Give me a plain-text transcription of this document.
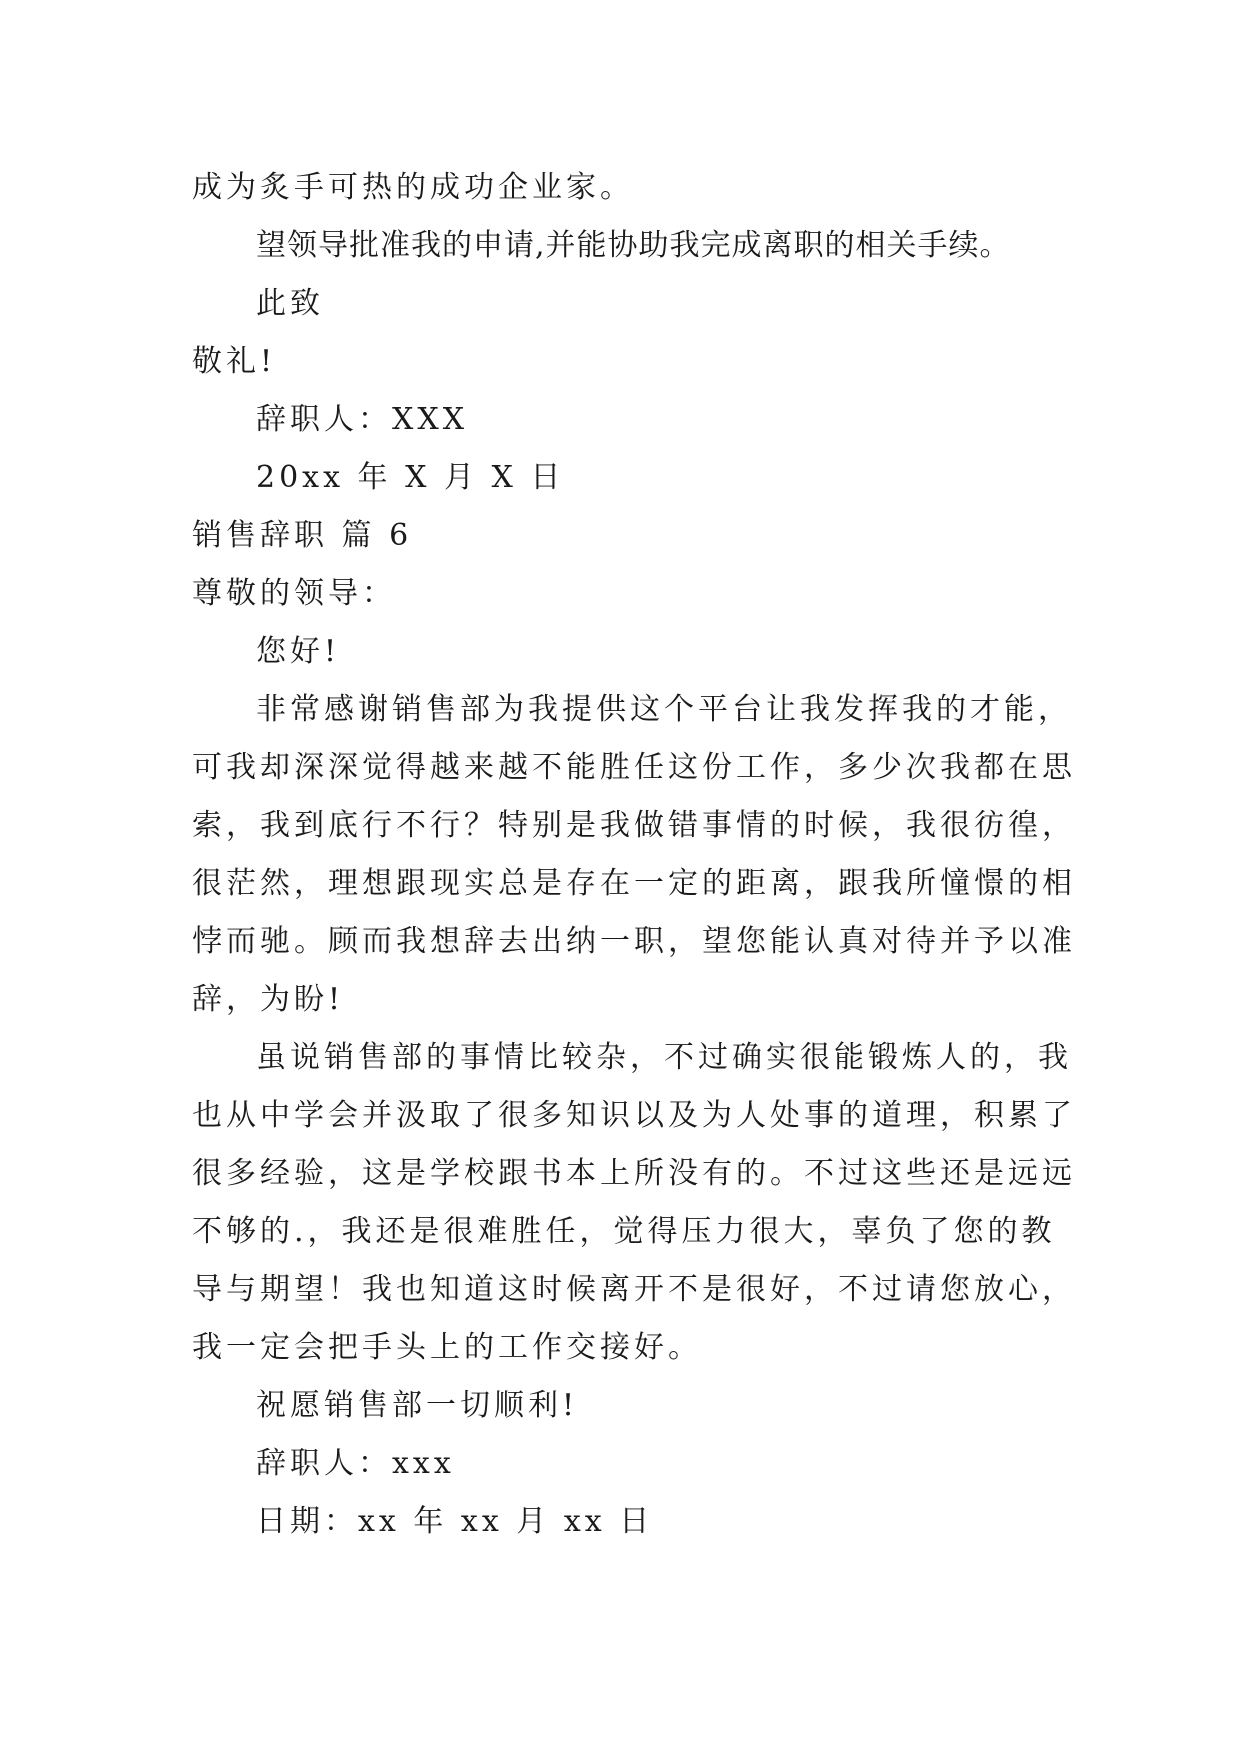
成为炙手可热的成功企业家。
望领导批准我的申请,并能协助我完成离职的相关手续。
此致
敬礼!
辞职人：XXX
20xx 年 X 月 X 日
销售辞职 篇 6
尊敬的领导：
您好!
非常感谢销售部为我提供这个平台让我发挥我的才能，
可我却深深觉得越来越不能胜任这份工作，多少次我都在思
索，我到底行不行？特别是我做错事情的时候，我很彷徨，
很茫然，理想跟现实总是存在一定的距离，跟我所憧憬的相
悖而驰。顾而我想辞去出纳一职，望您能认真对待并予以准
辞，为盼!
虽说销售部的事情比较杂，不过确实很能锻炼人的，我
也从中学会并汲取了很多知识以及为人处事的道理，积累了
很多经验，这是学校跟书本上所没有的。不过这些还是远远
不够的.，我还是很难胜任，觉得压力很大，辜负了您的教
导与期望！我也知道这时候离开不是很好，不过请您放心，
我一定会把手头上的工作交接好。
祝愿销售部一切顺利!
辞职人：xxx
日期：xx 年 xx 月 xx 日
